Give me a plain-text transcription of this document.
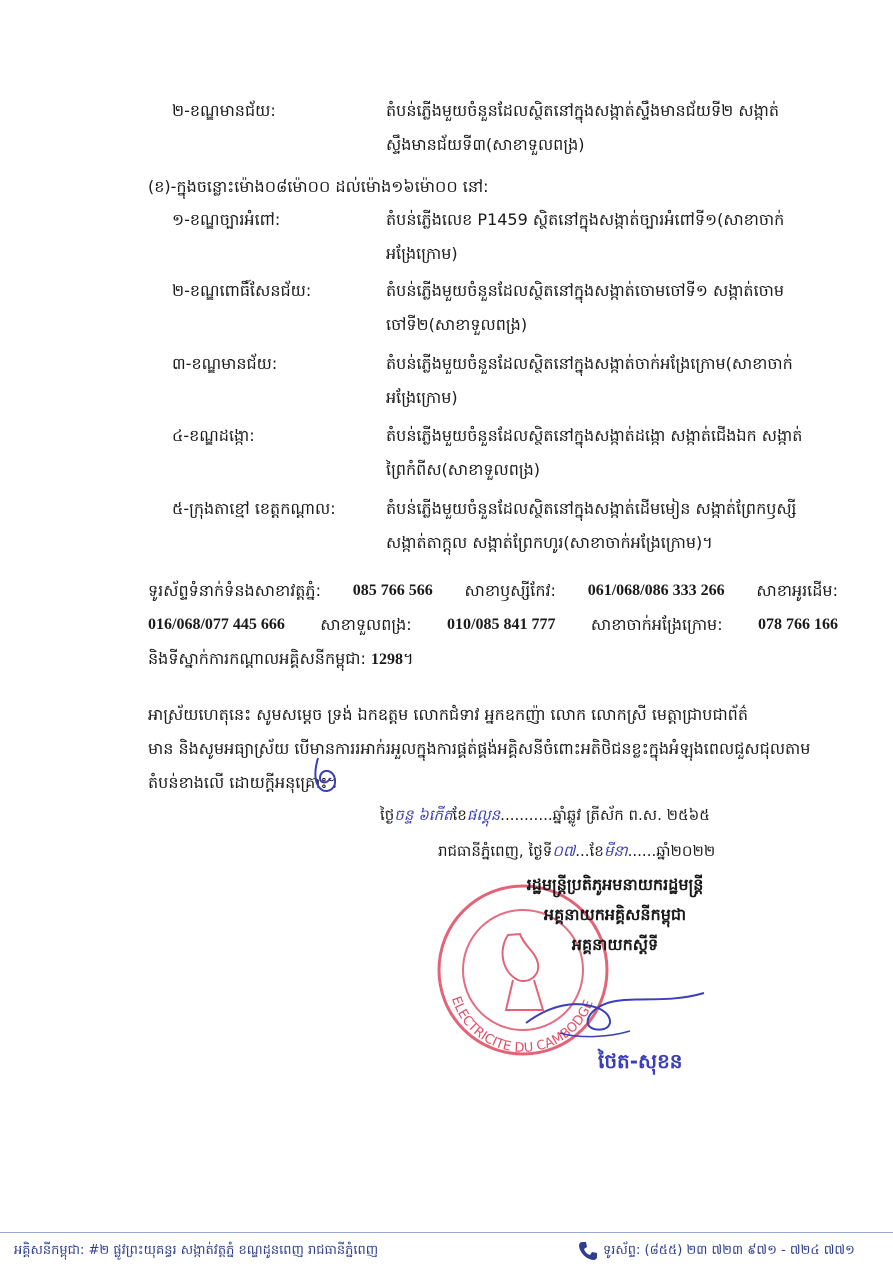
២-ខណ្ឌមានជ័យ:	តំបន់ភ្លើងមួយចំនួនដែលស្ថិតនៅក្នុងសង្កាត់ស្ទឹងមានជ័យទី២ សង្កាត់
ស្ទឹងមានជ័យទី៣(សាខាទួលពង្រ)
(ខ)-ក្នុងចន្លោះម៉ោង០៨ម៉ោ០០ ដល់ម៉ោង១៦ម៉ោ០០ នៅ:
១-ខណ្ឌច្បារអំពៅ:	តំបន់ភ្លើងលេខ P1459 ស្ថិតនៅក្នុងសង្កាត់ច្បារអំពៅទី១(សាខាចាក់
អង្រែក្រោម)
២-ខណ្ឌពោធិ៍សែនជ័យ:	តំបន់ភ្លើងមួយចំនួនដែលស្ថិតនៅក្នុងសង្កាត់ចោមចៅទី១ សង្កាត់ចោម
ចៅទី២(សាខាទួលពង្រ)
៣-ខណ្ឌមានជ័យ:	តំបន់ភ្លើងមួយចំនួនដែលស្ថិតនៅក្នុងសង្កាត់ចាក់អង្រែក្រោម(សាខាចាក់
អង្រែក្រោម)
៤-ខណ្ឌដង្កោ:	តំបន់ភ្លើងមួយចំនួនដែលស្ថិតនៅក្នុងសង្កាត់ដង្កោ សង្កាត់ជើងឯក សង្កាត់
ព្រៃកំពីស(សាខាទួលពង្រ)
៥-ក្រុងតាខ្មៅ ខេត្តកណ្ដាល:	តំបន់ភ្លើងមួយចំនួនដែលស្ថិតនៅក្នុងសង្កាត់ដើមមៀន សង្កាត់ព្រែកឫស្សី
សង្កាត់តាក្ដុល សង្កាត់ព្រែកហូរ(សាខាចាក់អង្រែក្រោម)។
ទូរស័ព្ទទំនាក់ទំនងសាខាវត្តភ្នំ: 085 766 566 សាខាឫស្សីកែវ: 061/068/086 333 266 សាខាអូរដើម:
016/068/077 445 666 សាខាទួលពង្រ: 010/085 841 777 សាខាចាក់អង្រែក្រោម: 078 766 166
និងទីស្នាក់ការកណ្ដាលអគ្គិសនីកម្ពុជា: 1298។
អាស្រ័យហេតុនេះ សូមសម្ដេច ទ្រង់ ឯកឧត្ដម លោកជំទាវ អ្នកឧកញ៉ា លោក លោកស្រី មេត្តាជ្រាបជាព័ត៌
មាន និងសូមអធ្យាស្រ័យ បើមានការរអាក់រអួលក្នុងការផ្គត់ផ្គង់អគ្គិសនីចំពោះអតិថិជនខ្លះក្នុងអំឡុងពេលជួសជុលតាម
តំបន់ខាងលើ ដោយក្ដីអនុគ្រោះ។
ថ្ងៃចន្ទ ៦កើតខែផល្គុន...........ឆ្នាំឆ្លូវ ត្រីស័ក ព.ស. ២៥៦៥
រាជធានីភ្នំពេញ, ថ្ងៃទី០៧...ខែមីនា......ឆ្នាំ២០២២
ELECTRICITE DU CAMBODGE
រដ្ឋមន្ត្រីប្រតិភូអមនាយករដ្ឋមន្ត្រី
អគ្គនាយកអគ្គិសនីកម្ពុជា
អគ្គនាយកស្ដីទី
ថៃត-សុខន
អគ្គិសនីកម្ពុជា: #២ ផ្លូវព្រះយុគន្ធរ សង្កាត់វត្តភ្នំ ខណ្ឌដូនពេញ រាជធានីភ្នំពេញ	ទូរស័ព្ទ: (៨៥៥) ២៣ ៧២៣ ៩៧១ - ៧២៤ ៧៧១
